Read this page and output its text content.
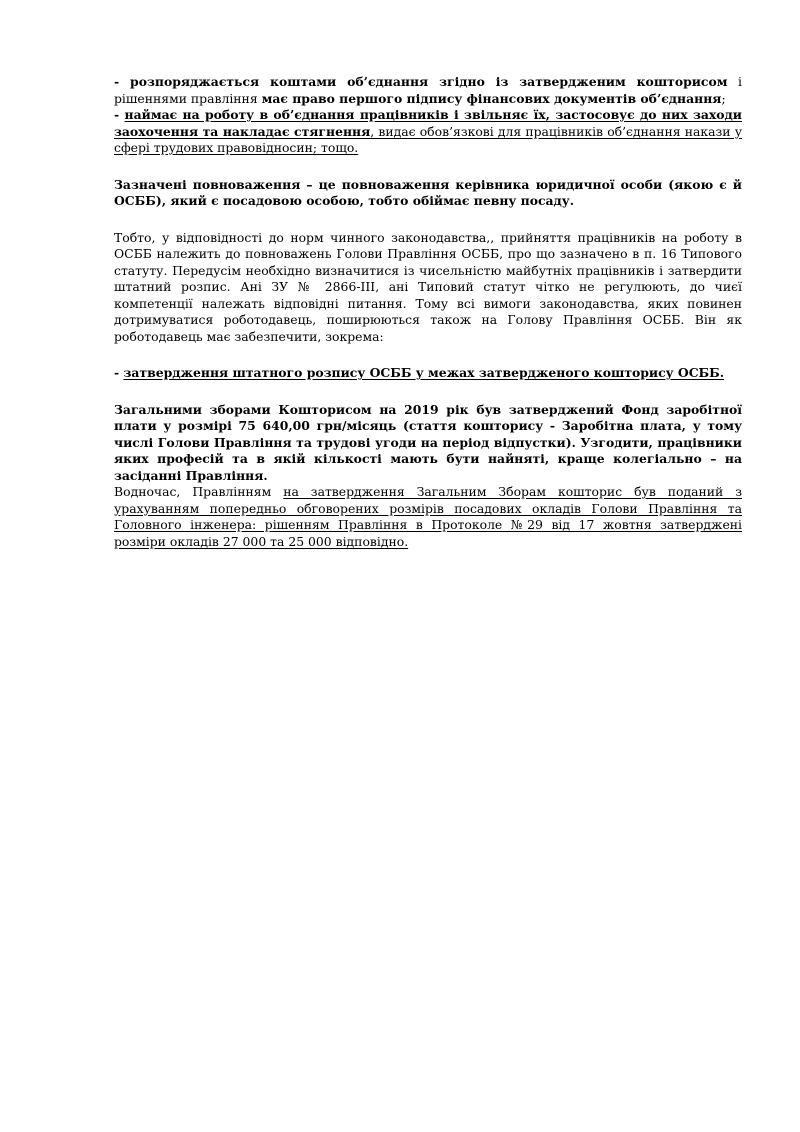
- розпоряджається коштами об’єднання згідно із затвердженим кошторисом і рішеннями правління має право першого підпису фінансових документів об’єднання;

- наймає на роботу в об’єднання працівників і звільняє їх, застосовує до них заходи заохочення та накладає стягнення, видає обов’язкові для працівників об’єднання накази у сфері трудових правовідносин; тощо.

Зазначені повноваження – це повноваження керівника юридичної особи (якою є й ОСББ), який є посадовою особою, тобто обіймає певну посаду.

Тобто, у відповідності до норм чинного законодавства,, прийняття працівників на роботу в ОСББ належить до повноважень Голови Правління ОСББ, про що зазначено в п. 16 Типового статуту. Передусім необхідно визначитися із чисельністю майбутніх працівників і затвердити штатний розпис. Ані ЗУ № 2866-ІІІ, ані Типовий статут чітко не регулюють, до чиєї компетенції належать відповідні питання. Тому всі вимоги законодавства, яких повинен дотримуватися роботодавець, поширюються також на Голову Правління ОСББ. Він як роботодавець має забезпечити, зокрема:

- затвердження штатного розпису ОСББ у межах затвердженого кошторису ОСББ.

Загальними зборами Кошторисом на 2019 рік був затверджений Фонд заробітної плати у розмірі 75 640,00 грн/місяць (стаття кошторису - Заробітна плата, у тому числі Голови Правління та трудові угоди на період відпустки). Узгодити, працівники яких професій та в якій кількості мають бути найняті, краще колегіально – на засіданні Правління.

Водночас, Правлінням на затвердження Загальним Зборам кошторис був поданий з урахуванням попередньо обговорених розмірів посадових окладів Голови Правління та Головного інженера: рішенням Правління в Протоколе №29 від 17 жовтня затверджені розміри окладів 27 000 та 25 000 відповідно.
